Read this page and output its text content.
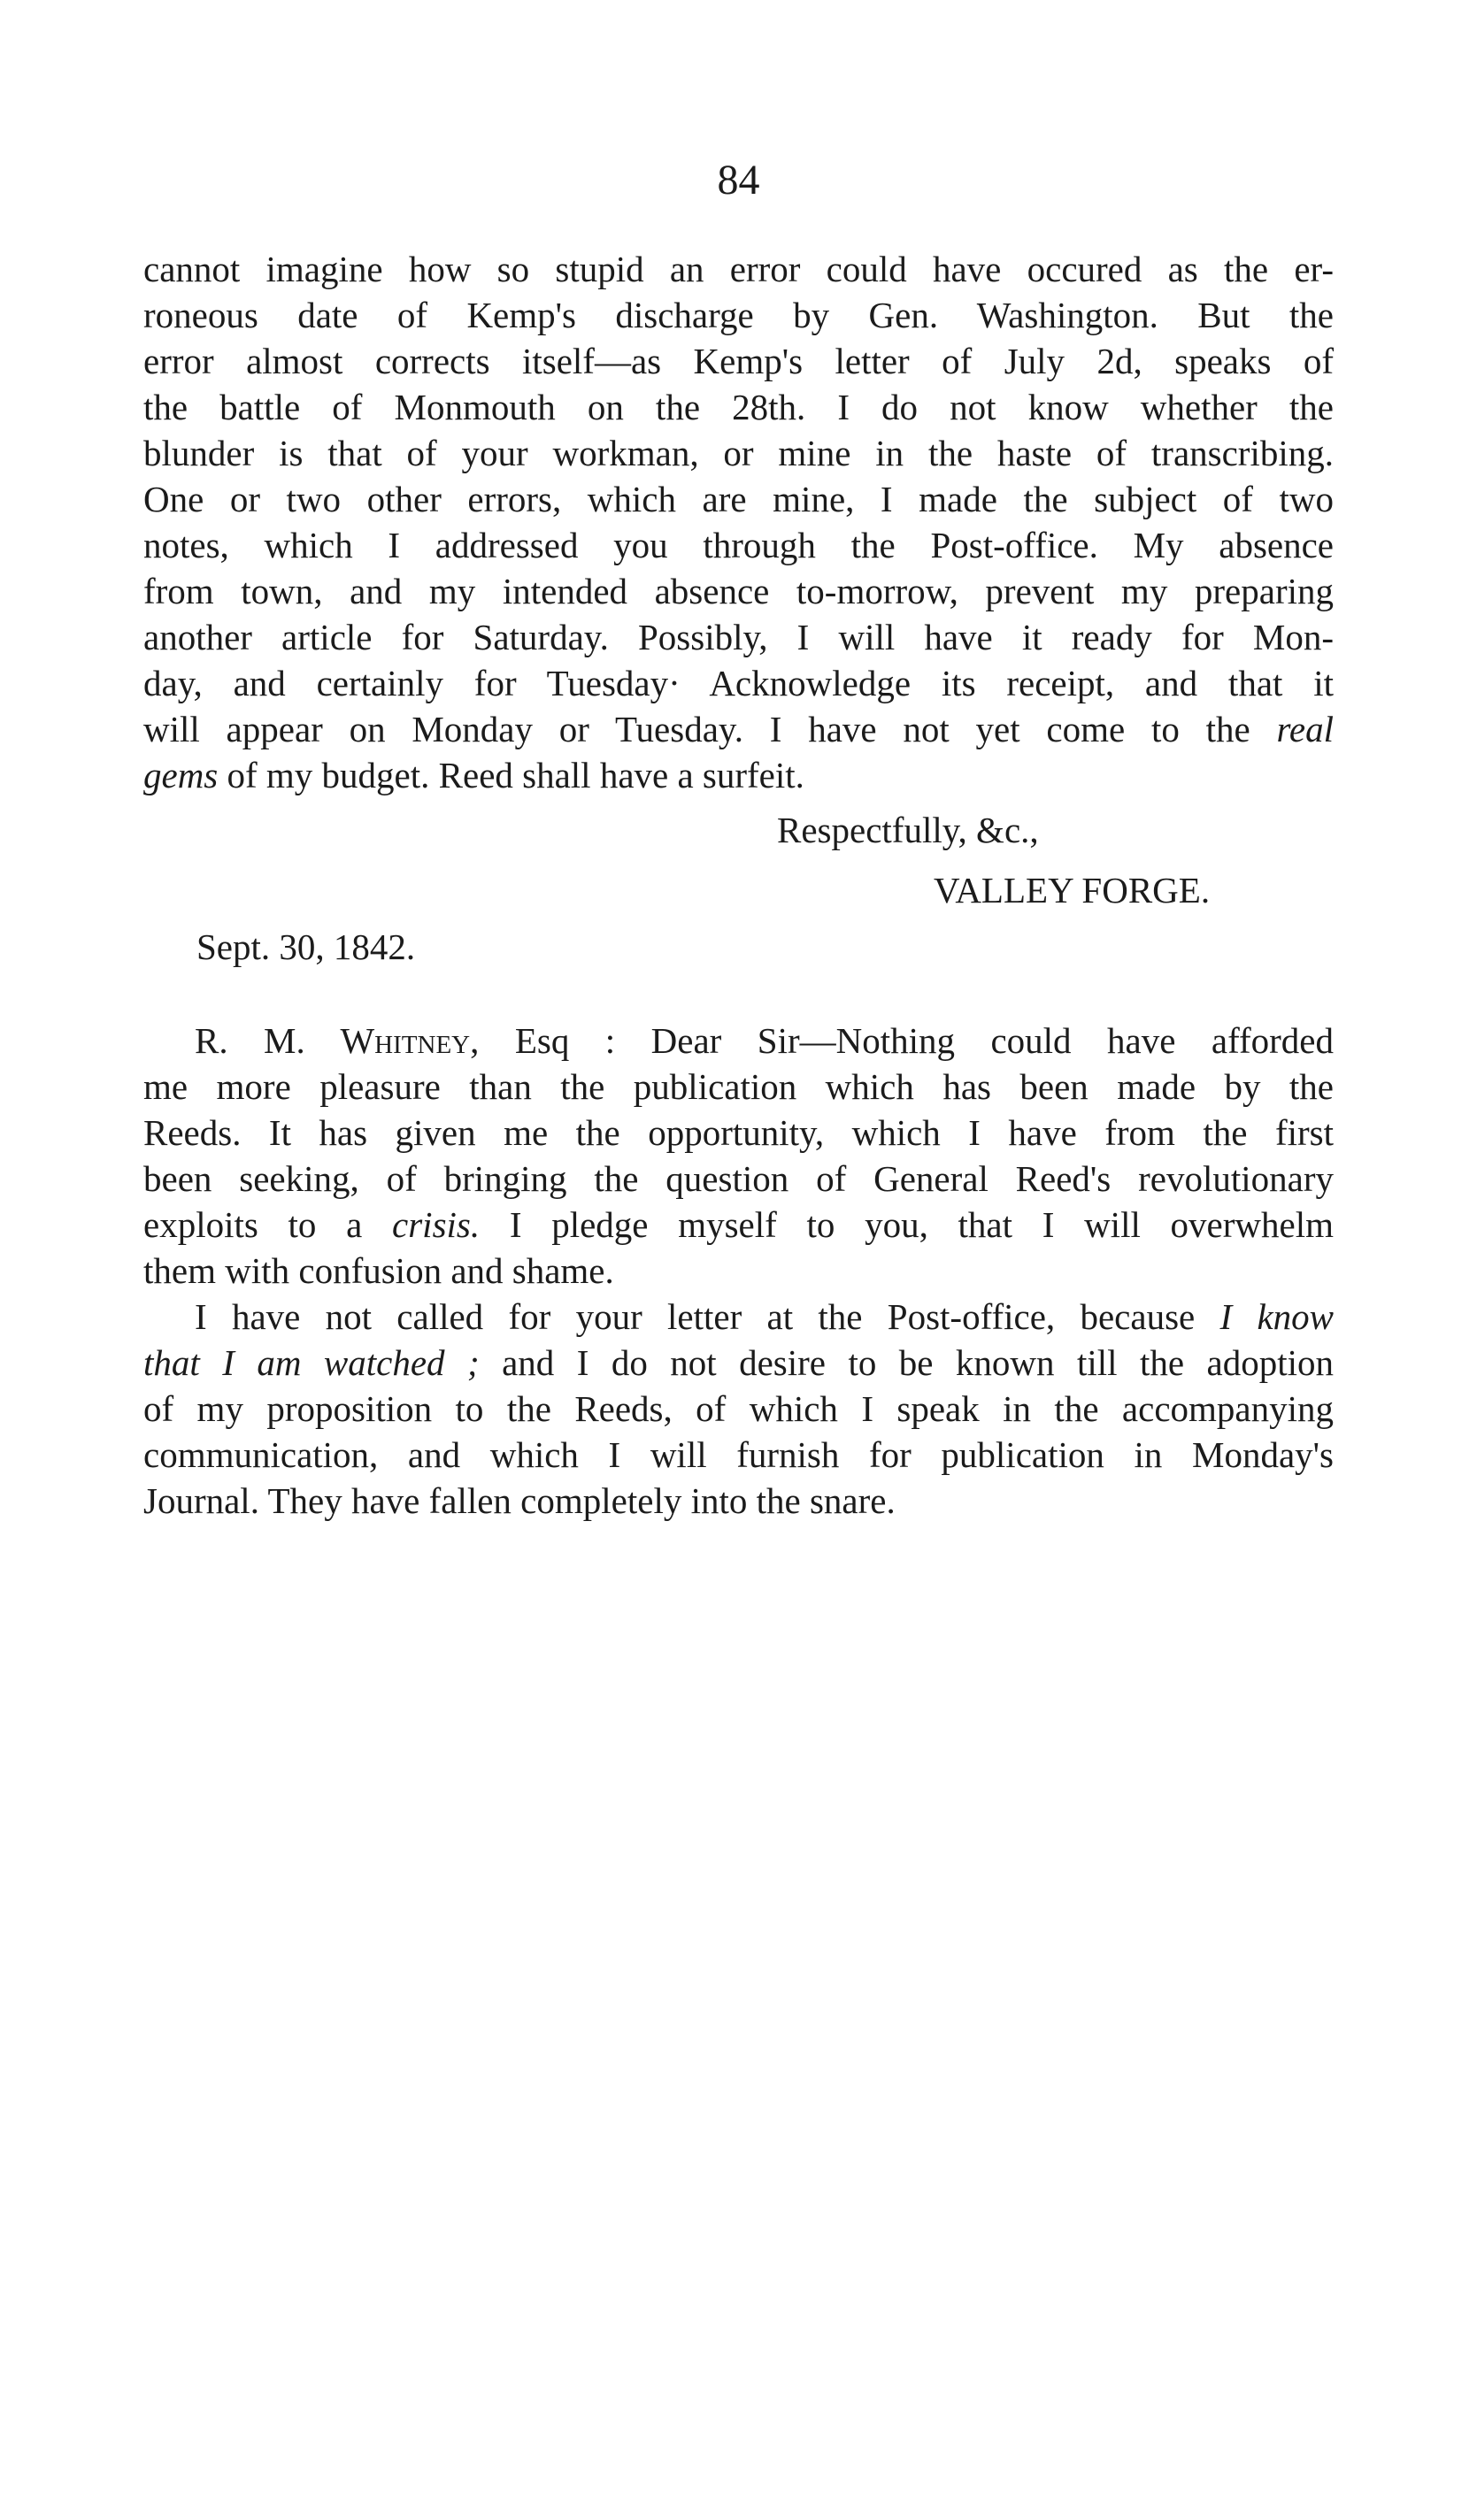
84
cannot imagine how so stupid an error could have occured as the er-
roneous date of Kemp's discharge by Gen. Washington. But the
error almost corrects itself—as Kemp's letter of July 2d, speaks of
the battle of Monmouth on the 28th. I do not know whether the
blunder is that of your workman, or mine in the haste of transcribing.
One or two other errors, which are mine, I made the subject of two
notes, which I addressed you through the Post-office. My absence
from town, and my intended absence to-morrow, prevent my preparing
another article for Saturday. Possibly, I will have it ready for Mon-
day, and certainly for Tuesday· Acknowledge its receipt, and that it
will appear on Monday or Tuesday. I have not yet come to the real
gems of my budget. Reed shall have a surfeit.
Respectfully, &c.,
VALLEY FORGE.
Sept. 30, 1842.
R. M. Whitney, Esq : Dear Sir—Nothing could have afforded
me more pleasure than the publication which has been made by the
Reeds. It has given me the opportunity, which I have from the first
been seeking, of bringing the question of General Reed's revolutionary
exploits to a crisis. I pledge myself to you, that I will overwhelm
them with confusion and shame.
I have not called for your letter at the Post-office, because I know
that I am watched ; and I do not desire to be known till the adoption
of my proposition to the Reeds, of which I speak in the accompanying
communication, and which I will furnish for publication in Monday's
Journal. They have fallen completely into the snare.
